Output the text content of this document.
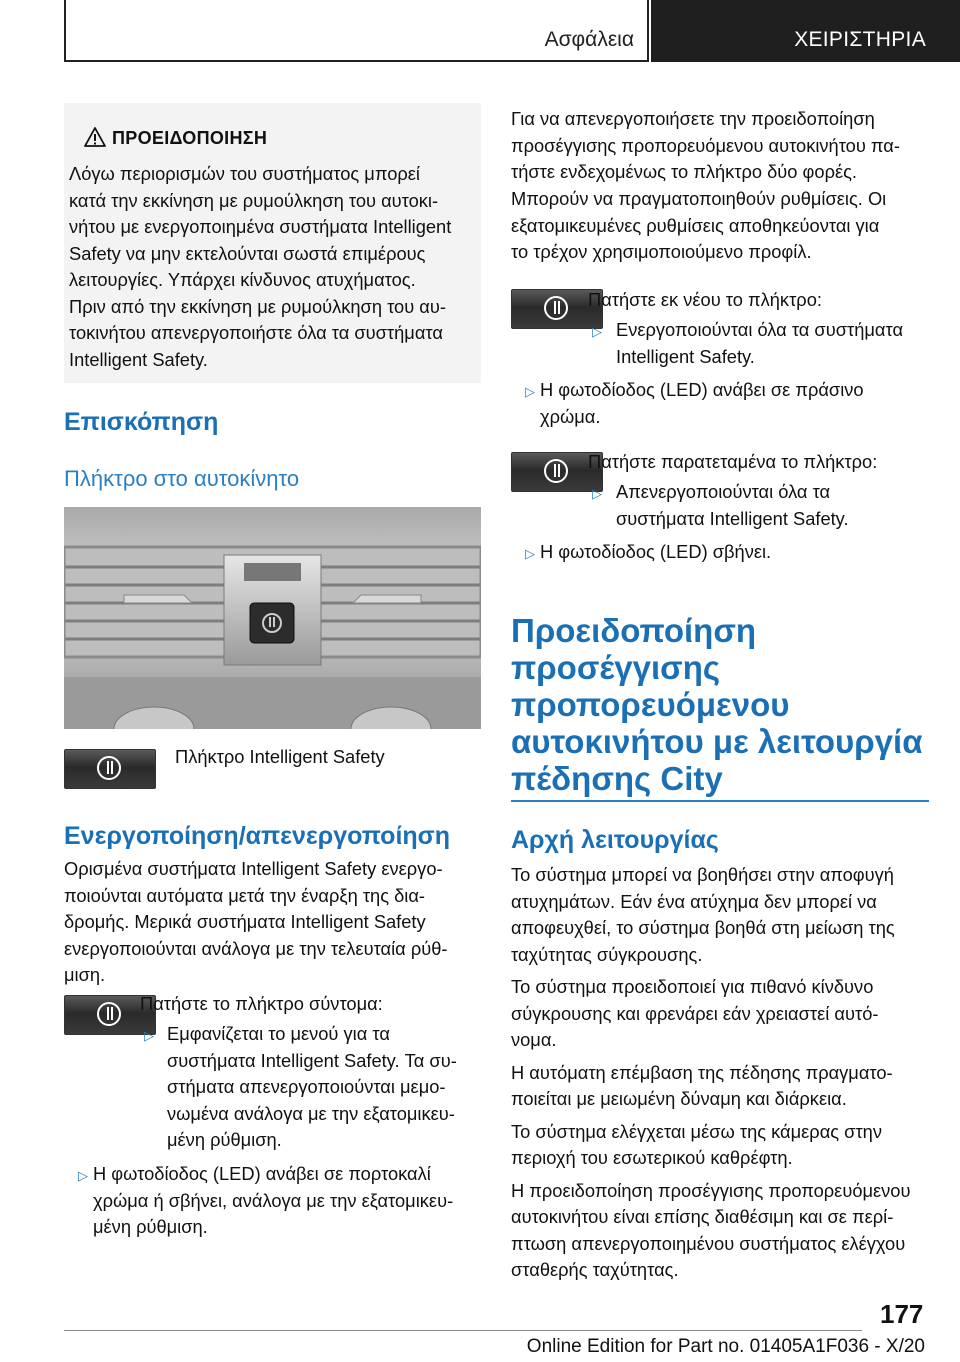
Ασφάλεια	ΧΕΙΡΙΣΤΗΡΙΑ
ΠΡΟΕΙΔΟΠΟΙΗΣΗ
Λόγω περιορισμών του συστήματος μπορεί
κατά την εκκίνηση με ρυμούλκηση του αυτοκι-
νήτου με ενεργοποιημένα συστήματα Intelligent
Safety να μην εκτελούνται σωστά επιμέρους
λειτουργίες. Υπάρχει κίνδυνος ατυχήματος.
Πριν από την εκκίνηση με ρυμούλκηση του αυ-
τοκινήτου απενεργοποιήστε όλα τα συστήματα
Intelligent Safety.
Επισκόπηση
Πλήκτρο στο αυτοκίνητο

Πλήκτρο Intelligent Safety

Ενεργοποίηση/απενεργοποίηση

Ορισμένα συστήματα Intelligent Safety ενεργο-

ποιούνται αυτόματα μετά την έναρξη της δια-

δρομής. Μερικά συστήματα Intelligent Safety

ενεργοποιούνται ανάλογα με την τελευταία ρύθ-

μιση.

Πατήστε το πλήκτρο σύντομα:

▷ Εμφανίζεται το μενού για τα

συστήματα Intelligent Safety. Τα συ-

στήματα απενεργοποιούνται μεμο-

νωμένα ανάλογα με την εξατομικευ-

μένη ρύθμιση.

▷ Η φωτοδίοδος (LED) ανάβει σε πορτοκαλί

χρώμα ή σβήνει, ανάλογα με την εξατομικευ-

μένη ρύθμιση.

Για να απενεργοποιήσετε την προειδοποίηση

προσέγγισης προπορευόμενου αυτοκινήτου πα-

τήστε ενδεχομένως το πλήκτρο δύο φορές.

Μπορούν να πραγματοποιηθούν ρυθμίσεις. Οι

εξατομικευμένες ρυθμίσεις αποθηκεύονται για

το τρέχον χρησιμοποιούμενο προφίλ.

Πατήστε εκ νέου το πλήκτρο:

▷ Ενεργοποιούνται όλα τα συστήματα

Intelligent Safety.

▷ Η φωτοδίοδος (LED) ανάβει σε πράσινο

χρώμα.

Πατήστε παρατεταμένα το πλήκτρο:

▷ Απενεργοποιούνται όλα τα

συστήματα Intelligent Safety.

▷ Η φωτοδίοδος (LED) σβήνει.

Προειδοποίηση
προσέγγισης
προπορευόμενου
αυτοκινήτου με λειτουργία
πέδησης City
Αρχή λειτουργίας

Το σύστημα μπορεί να βοηθήσει στην αποφυγή

ατυχημάτων. Εάν ένα ατύχημα δεν μπορεί να

αποφευχθεί, το σύστημα βοηθά στη μείωση της

ταχύτητας σύγκρουσης.

Το σύστημα προειδοποιεί για πιθανό κίνδυνο

σύγκρουσης και φρενάρει εάν χρειαστεί αυτό-

νομα.

Η αυτόματη επέμβαση της πέδησης πραγματο-

ποιείται με μειωμένη δύναμη και διάρκεια.

Το σύστημα ελέγχεται μέσω της κάμερας στην

περιοχή του εσωτερικού καθρέφτη.

Η προειδοποίηση προσέγγισης προπορευόμενου

αυτοκινήτου είναι επίσης διαθέσιμη και σε περί-

πτωση απενεργοποιημένου συστήματος ελέγχου

σταθερής ταχύτητας.

177
Online Edition for Part no. 01405A1F036 - X/20
